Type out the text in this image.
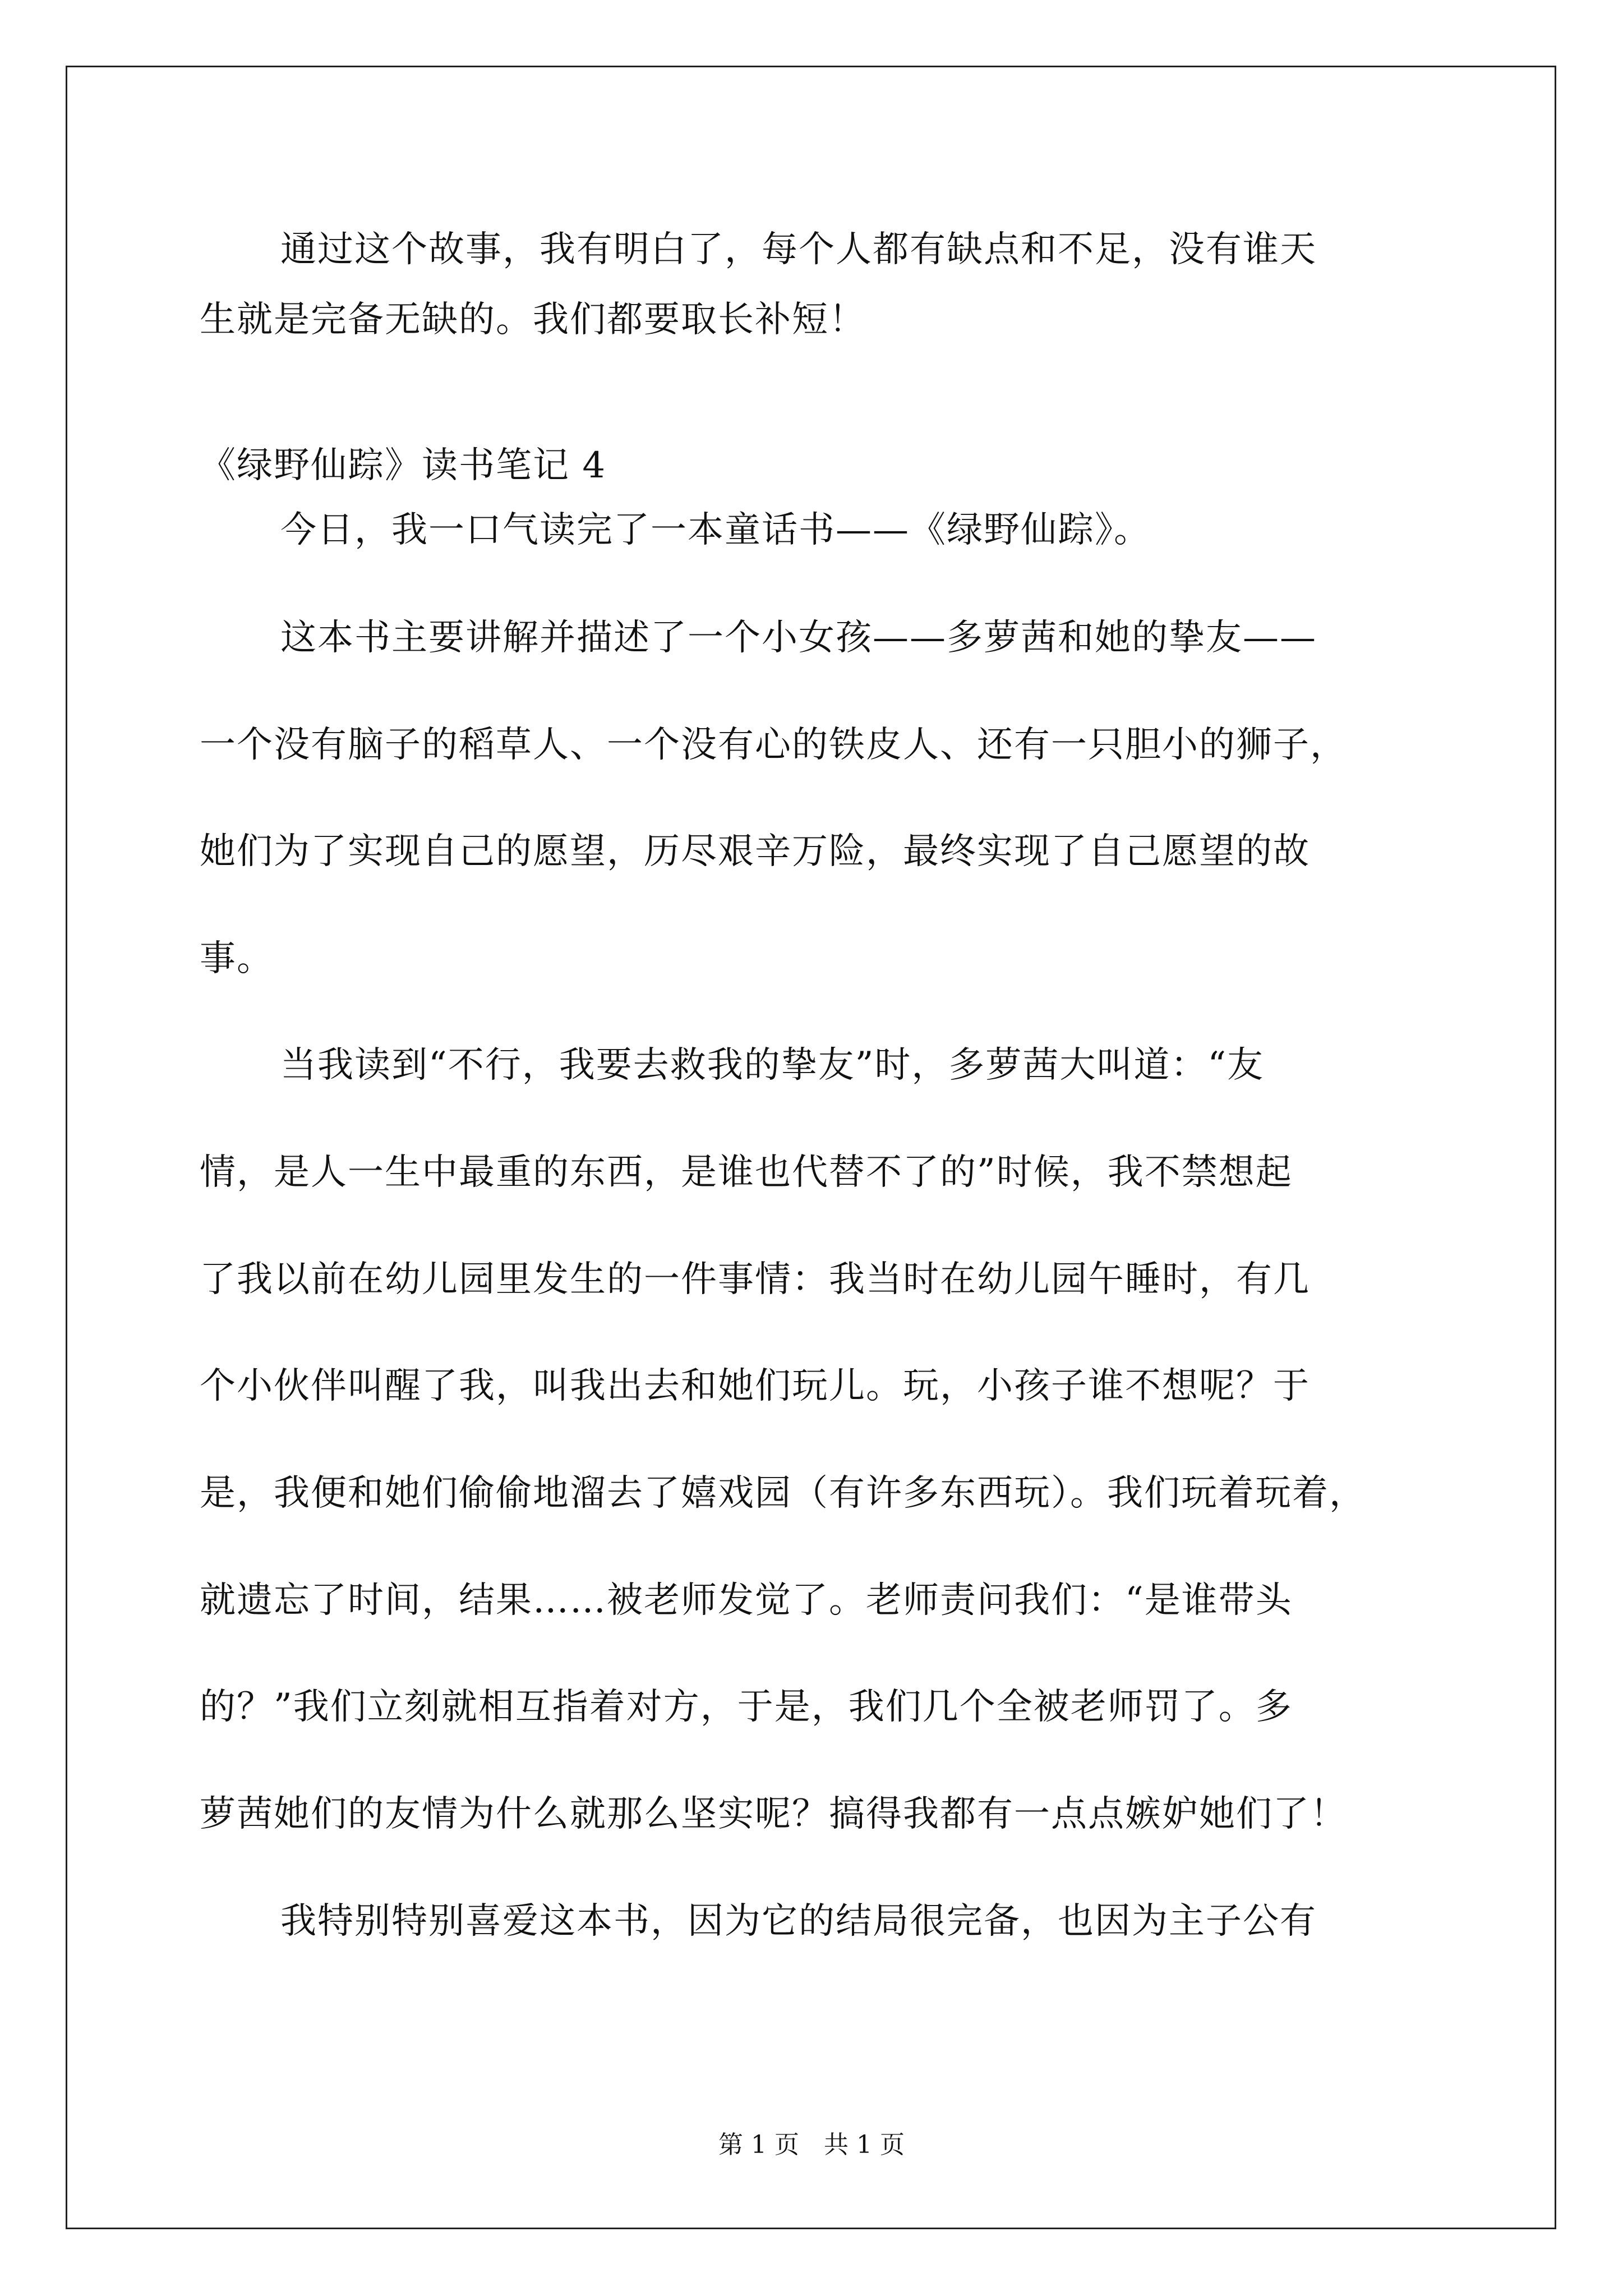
通过这个故事，我有明白了，每个人都有缺点和不足，没有谁天
生就是完备无缺的。我们都要取长补短！
《绿野仙踪》读书笔记 4
今日，我一口气读完了一本童话书——《绿野仙踪》。
这本书主要讲解并描述了一个小女孩——多萝茜和她的挚友——
一个没有脑子的稻草人、一个没有心的铁皮人、还有一只胆小的狮子，
她们为了实现自己的愿望，历尽艰辛万险，最终实现了自己愿望的故
事。
当我读到“不行，我要去救我的挚友”时，多萝茜大叫道：“友
情，是人一生中最重的东西，是谁也代替不了的”时候，我不禁想起
了我以前在幼儿园里发生的一件事情：我当时在幼儿园午睡时，有几
个小伙伴叫醒了我，叫我出去和她们玩儿。玩，小孩子谁不想呢？于
是，我便和她们偷偷地溜去了嬉戏园（有许多东西玩）。我们玩着玩着，
就遗忘了时间，结果……被老师发觉了。老师责问我们：“是谁带头
的？”我们立刻就相互指着对方，于是，我们几个全被老师罚了。多
萝茜她们的友情为什么就那么坚实呢？搞得我都有一点点嫉妒她们了！
我特别特别喜爱这本书，因为它的结局很完备，也因为主子公有
第 1 页　共 1 页
